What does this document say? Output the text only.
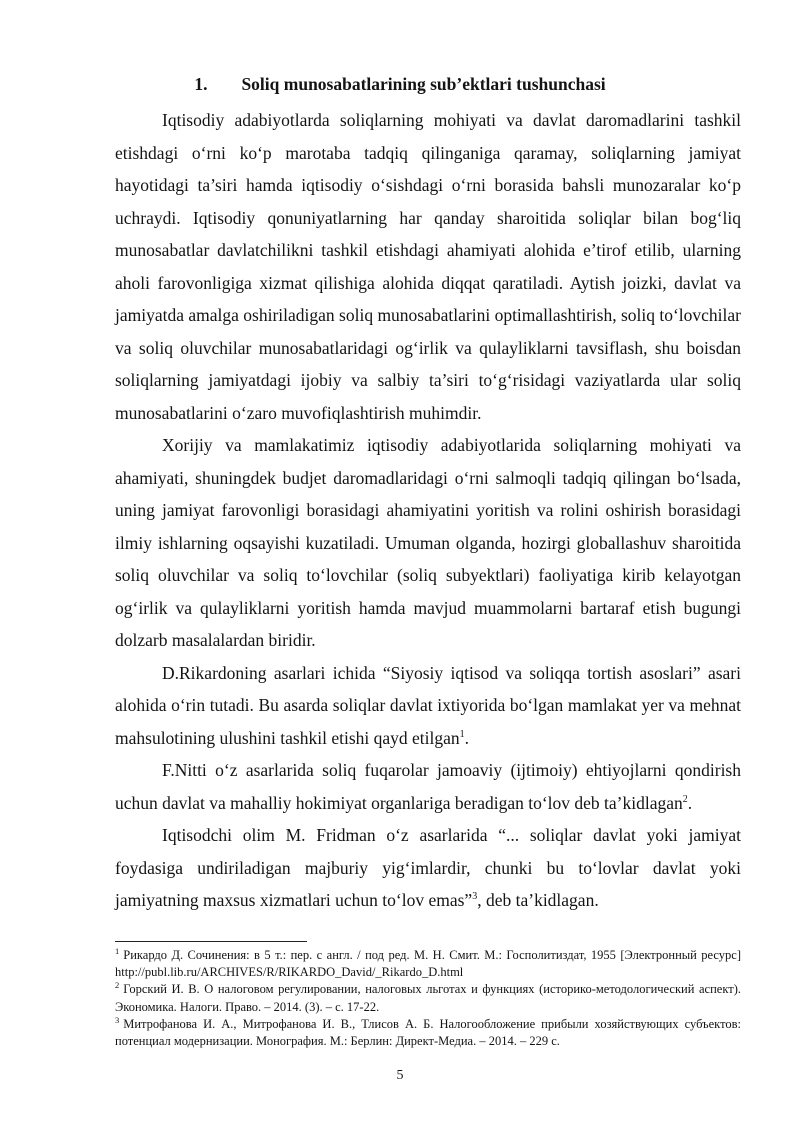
1. Soliq munosabatlarining sub’ektlari tushunchasi

Iqtisodiy adabiyotlarda soliqlarning mohiyati va davlat daromadlarini tashkil etishdagi o‘rni ko‘p marotaba tadqiq qilinganiga qaramay, soliqlarning jamiyat hayotidagi ta’siri hamda iqtisodiy o‘sishdagi o‘rni borasida bahsli munozaralar ko‘p uchraydi. Iqtisodiy qonuniyatlarning har qanday sharoitida soliqlar bilan bog‘liq munosabatlar davlatchilikni tashkil etishdagi ahamiyati alohida e’tirof etilib, ularning aholi farovonligiga xizmat qilishiga alohida diqqat qaratiladi. Aytish joizki, davlat va jamiyatda amalga oshiriladigan soliq munosabatlarini optimallashtirish, soliq to‘lovchilar va soliq oluvchilar munosabatlaridagi og‘irlik va qulayliklarni tavsiflash, shu boisdan soliqlarning jamiyatdagi ijobiy va salbiy ta’siri to‘g‘risidagi vaziyatlarda ular soliq munosabatlarini o‘zaro muvofiqlashtirish muhimdir.

Xorijiy va mamlakatimiz iqtisodiy adabiyotlarida soliqlarning mohiyati va ahamiyati, shuningdek budjet daromadlaridagi o‘rni salmoqli tadqiq qilingan bo‘lsada, uning jamiyat farovonligi borasidagi ahamiyatini yoritish va rolini oshirish borasidagi ilmiy ishlarning oqsayishi kuzatiladi. Umuman olganda, hozirgi globallashuv sharoitida soliq oluvchilar va soliq to‘lovchilar (soliq subyektlari) faoliyatiga kirib kelayotgan og‘irlik va qulayliklarni yoritish hamda mavjud muammolarni bartaraf etish bugungi dolzarb masalalardan biridir.

D.Rikardoning asarlari ichida “Siyosiy iqtisod va soliqqa tortish asoslari” asari alohida o‘rin tutadi. Bu asarda soliqlar davlat ixtiyorida bo‘lgan mamlakat yer va mehnat mahsulotining ulushini tashkil etishi qayd etilgan$^1$.

F.Nitti o‘z asarlarida soliq fuqarolar jamoaviy (ijtimoiy) ehtiyojlarni qondirish uchun davlat va mahalliy hokimiyat organlariga beradigan to‘lov deb ta’kidlagan$^2$.

Iqtisodchi olim M. Fridman o‘z asarlarida “... soliqlar davlat yoki jamiyat foydasiga undiriladigan majburiy yig‘imlardir, chunki bu to‘lovlar davlat yoki jamiyatning maxsus xizmatlari uchun to‘lov emas”$^3$, deb ta’kidlagan.

$^1$ Рикардо Д. Сочинения: в 5 т.: пер. с англ. / под ред. М. Н. Смит. М.: Госполитиздат, 1955 [Электронный ресурс] http://publ.lib.ru/ARCHIVES/R/RIKARDO_David/_Rikardo_D.html

$^2$ Горский И. В. О налоговом регулировании, налоговых льготах и функциях (историко-методологический аспект). Экономика. Налоги. Право. – 2014. (3). – с. 17-22.

$^3$ Митрофанова И. А., Митрофанова И. В., Тлисов А. Б. Налогообложение прибыли хозяйствующих субъектов: потенциал модернизации. Монография. М.: Берлин: Директ-Медиа. – 2014. – 229 с.

5
